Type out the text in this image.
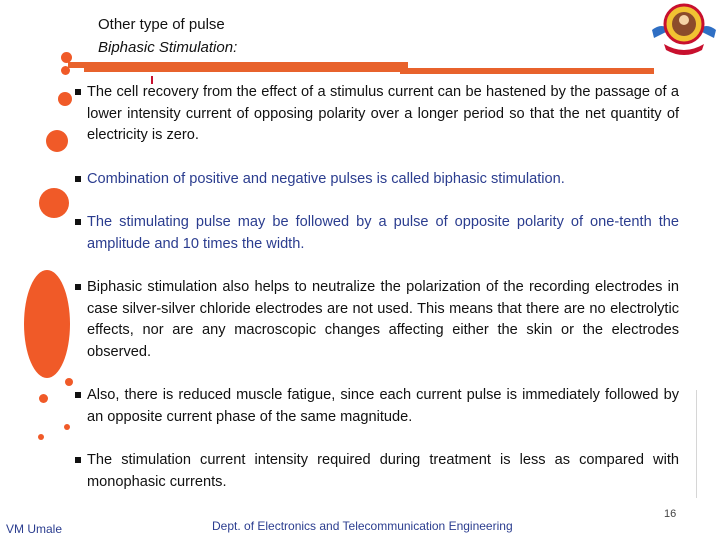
Other type of pulse
Biphasic Stimulation:
The cell recovery from the effect of a stimulus current can be hastened by the passage of a lower intensity current of opposing polarity over a longer period so that the net quantity of electricity is zero.
Combination of positive and negative pulses is called biphasic stimulation.
The stimulating pulse may be followed by a pulse of opposite polarity of one-tenth the amplitude and 10 times the width.
Biphasic stimulation also helps to neutralize the polarization of the recording electrodes in case silver-silver chloride electrodes are not used. This means that there are no electrolytic effects, nor are any macroscopic changes affecting either the skin or the electrodes observed.
Also, there is reduced muscle fatigue, since each current pulse is immediately followed by an opposite current phase of the same magnitude.
The stimulation current intensity required during treatment is less as compared with monophasic currents.
VM Umale	Dept. of Electronics and Telecommunication Engineering
16
